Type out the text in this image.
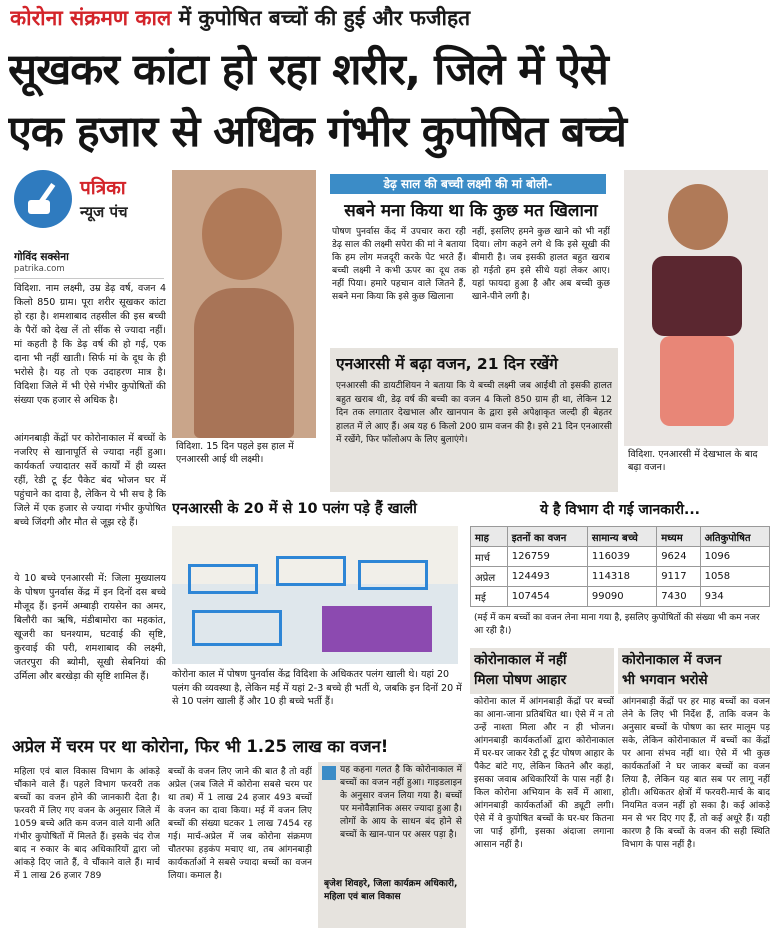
कोरोना संक्रमण काल में कुपोषित बच्चों की हुई और फजीहत
सूखकर कांटा हो रहा शरीर, जिले में ऐसे
एक हजार से अधिक गंभीर कुपोषित बच्चे
पत्रिका
न्यूज पंच
गोविंद सक्सेना
patrika.com
विदिशा. नाम लक्ष्मी, उम्र डेढ़ वर्ष, वजन 4 किलो 850 ग्राम। पूरा शरीर सूखकर कांटा हो रहा है। शमशाबाद तहसील की इस बच्ची के पैरों को देख लें तो सींक से ज्यादा नहीं। मां कहती है कि डेढ़ वर्ष की हो गई, एक दाना भी नहीं खाती। सिर्फ मां के दूध के ही भरोसे है। यह तो एक उदाहरण मात्र है। विदिशा जिले में भी ऐसे गंभीर कुपोषितों की संख्या एक हजार से अधिक है।
आंगनबाड़ी केंद्रों पर कोरोनाकाल में बच्चों के नजरिए से खानापूर्ति से ज्यादा नहीं हुआ। कार्यकर्ता ज्यादातर सर्वे कार्यों में ही व्यस्त रहीं, रेडी टू ईट पैकेट बंद भोजन घर में पहुंचाने का दावा है, लेकिन ये भी सच है कि जिले में एक हजार से ज्यादा गंभीर कुपोषित बच्चे जिंदगी और मौत से जूझ रहे हैं।
ये 10 बच्चे एनआरसी में: जिला मुख्यालय के पोषण पुनर्वास केंद्र में इन दिनों दस बच्चे मौजूद हैं। इनमें अम्बाड़ी रायसेन का अमर, बिलौरी का ऋषि, मंडीबामोरा का महकांत, खूजरी का घनश्याम, घटवाई की सृष्टि, कुरवाई की परी, शमशाबाद की लक्ष्मी, जतरपुरा की ब्योमी, सूखी सेबनियां की उर्मिला और बरखेड़ा की सृष्टि शामिल हैं।
विदिशा. 15 दिन पहले इस हाल में एनआरसी आई थी लक्ष्मी।
डेढ़ साल की बच्ची लक्ष्मी की मां बोली-
सबने मना किया था कि कुछ मत खिलाना
पोषण पुनर्वास केंद में उपचार करा रही डेढ़ साल की लक्ष्मी सपेरा की मां ने बताया कि हम लोग मजदूरी करके पेट भरते हैं। बच्ची लक्ष्मी ने कभी ऊपर का दूध तक नहीं पिया। हमारे पहचान वाले जितने हैं, सबने मना किया कि इसे कुछ खिलाना
नहीं, इसलिए हमने कुछ खाने को भी नहीं दिया। लोग कहने लगे थे कि इसे सूखी की बीमारी है। जब इसकी हालत बहुत खराब हो गईतो हम इसे सीधे यहां लेकर आए। यहां फायदा हुआ है और अब बच्ची कुछ खाने-पीने लगी है।
विदिशा. एनआरसी में देखभाल के बाद बढ़ा वजन।
एनआरसी में बढ़ा वजन, 21 दिन रखेंगे
एनआरसी की डायटीशियन ने बताया कि ये बच्ची लक्ष्मी जब आईथी तो इसकी हालत बहुत खराब थी, डेढ़ वर्ष की बच्ची का वजन 4 किलो 850 ग्राम ही था, लेकिन 12 दिन तक लगातार देखभाल और खानपान के द्वारा इसे अपेक्षाकृत जल्दी ही बेहतर हालत में ले आए हैं। अब यह 6 किलो 200 ग्राम वजन की है। इसे 21 दिन एनआरसी में रखेंगे, फिर फॉलोअप के लिए बुलाएंगे।
एनआरसी के 20 में से 10 पलंग पड़े हैं खाली
कोरोना काल में पोषण पुनर्वास केंद्र विदिशा के अधिकतर पलंग खाली थे। यहां 20 पलंग की व्यवस्था है, लेकिन मई में यहां 2-3 बच्चे ही भर्ती थे, जबकि इन दिनों 20 में से 10 पलंग खाली हैं और 10 ही बच्चे भर्ती हैं।
ये है विभाग दी गई जानकारी...
माह	इतनों का वजन	सामान्य बच्चे	मध्यम	अतिकुपोषित
मार्च	126759	116039	9624	1096
अप्रेल	124493	114318	9117	1058
मई	107454	99090	7430	934
(मई में कम बच्चों का वजन लेना माना गया है, इसलिए कुपोषितों की संख्या भी कम नजर आ रही है।)
अप्रेल में चरम पर था कोरोना, फिर भी 1.25 लाख का वजन!
महिला एवं बाल विकास विभाग के आंकड़े चौंकाने वाले हैं। पहले विभाग फरवरी तक बच्चों का वजन होने की जानकारी देता है। फरवरी में लिए गए वजन के अनुसार जिले में 1059 बच्चे अति कम वजन वाले यानी अति गंभीर कुपोषितों में मिलते हैं। इसके चंद रोज बाद न रुकार के बाद अधिकारियों द्वारा जो आंकड़े दिए जाते हैं, वे चौंकाने वाले हैं। मार्च में 1 लाख 26 हजार 789
बच्चों के वजन लिए जाने की बात है तो वहीं अप्रेल (जब जिले में कोरोना सबसे चरम पर था तब) में 1 लाख 24 हजार 493 बच्चों के वजन का दावा किया। मई में वजन लिए बच्चों की संख्या घटकर 1 लाख 7454 रह गई। मार्च-अप्रेल में जब कोरोना संक्रमण चौतरफा हड़कंप मचाए था, तब आंगनबाड़ी कार्यकर्ताओं ने सबसे ज्यादा बच्चों का वजन लिया। कमाल है।
यह कहना गलत है कि कोरोनाकाल में बच्चों का वजन नहीं हुआ। गाइडलाइन के अनुसार वजन लिया गया है। बच्चों पर मनोवैज्ञानिक असर ज्यादा हुआ है। लोगों के आय के साधन बंद होने से बच्चों के खान-पान पर असर पड़ा है।
बृजेश शिवहरे, जिला कार्यक्रम अधिकारी, महिला एवं बाल विकास
कोरोनाकाल में नहीं
मिला पोषण आहार
कोरोना काल में आंगनबाड़ी केंद्रों पर बच्चों का आना-जाना प्रतिबंधित था। ऐसे में न तो उन्हें नाश्ता मिला और न ही भोजन। आंगनबाड़ी कार्यकर्ताओं द्वारा कोरोनाकाल में घर-घर जाकर रेडी टू ईट पोषण आहार के पैकेट बांटे गए, लेकिन कितने और कहां, इसका जवाब अधिकारियों के पास नहीं है। किल कोरोना अभियान के सर्वे में आशा, आंगनबाड़ी कार्यकर्ताओं की ड्यूटी लगी। ऐसे में वे कुपोषित बच्चों के घर-घर कितना जा पाई होंगी, इसका अंदाजा लगाना आसान नहीं है।
कोरोनाकाल में वजन
भी भगवान भरोसे
आंगनबाड़ी केंद्रों पर हर माह बच्चों का वजन लेने के लिए भी निर्देश हैं, ताकि वजन के अनुसार बच्चों के पोषण का स्तर मालूम पड़ सके, लेकिन कोरोनाकाल में बच्चों का केंद्रों पर आना संभव नहीं था। ऐसे में भी कुछ कार्यकर्ताओं ने घर जाकर बच्चों का वजन लिया है, लेकिन यह बात सब पर लागू नहीं होती। अधिकतर क्षेत्रों में फरवरी-मार्च के बाद नियमित वजन नहीं हो सका है। कई आंकड़े मन से भर दिए गए हैं, तो कई अधूरे हैं। यही कारण है कि बच्चों के वजन की सही स्थिति विभाग के पास नहीं है।
